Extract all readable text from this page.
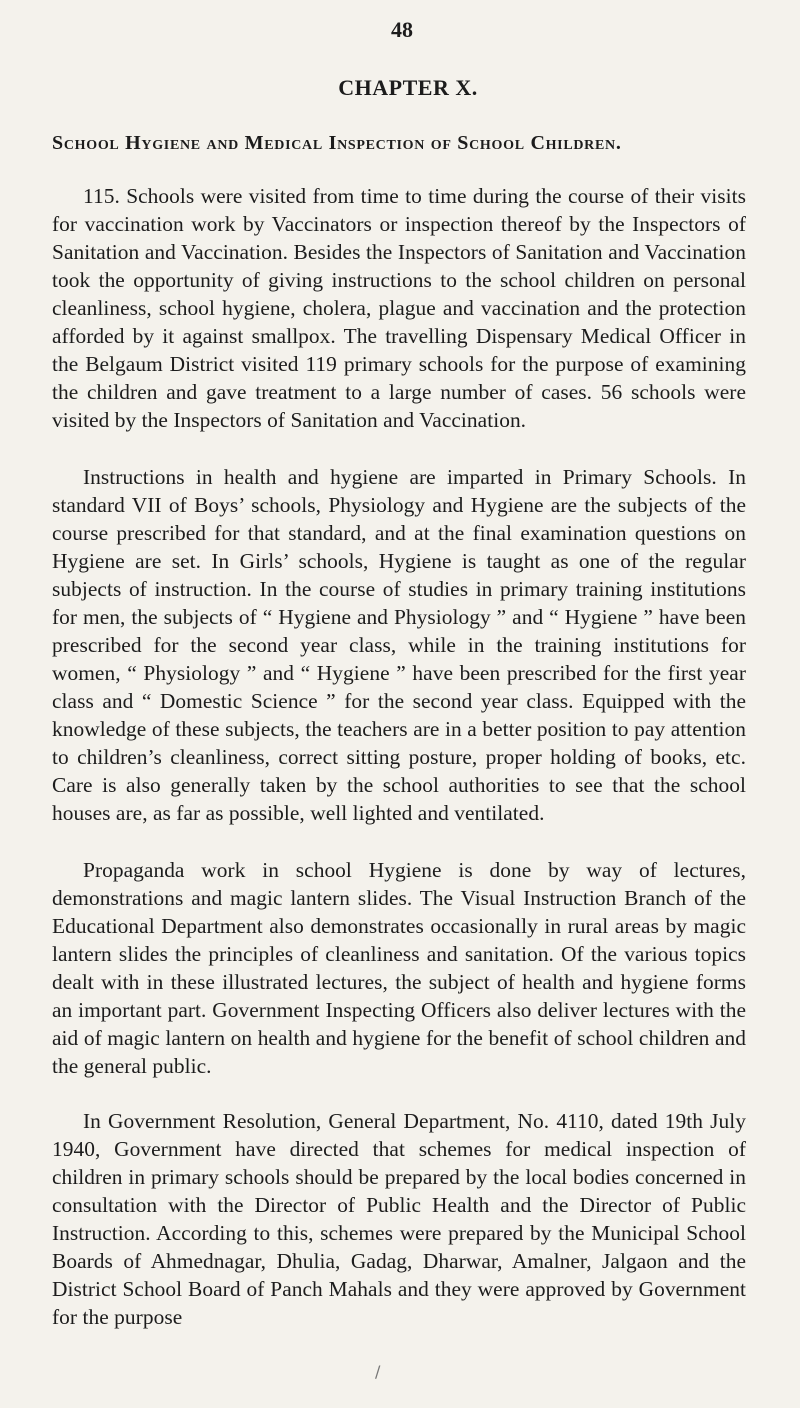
48

CHAPTER X.
School Hygiene and Medical Inspection of School Children.

115. Schools were visited from time to time during the course of their visits for vaccination work by Vaccinators or inspection thereof by the Inspectors of Sanitation and Vaccination. Besides the Inspectors of Sanitation and Vaccination took the opportunity of giving instructions to the school children on personal cleanliness, school hygiene, cholera, plague and vaccination and the protection afforded by it against smallpox. The travelling Dispensary Medical Officer in the Belgaum District visited 119 primary schools for the purpose of examining the children and gave treatment to a large number of cases. 56 schools were visited by the Inspectors of Sanitation and Vaccination.

Instructions in health and hygiene are imparted in Primary Schools. In standard VII of Boys’ schools, Physiology and Hygiene are the subjects of the course prescribed for that standard, and at the final examination questions on Hygiene are set. In Girls’ schools, Hygiene is taught as one of the regular subjects of instruction. In the course of studies in primary training institutions for men, the subjects of “ Hygiene and Physiology ” and “ Hygiene ” have been prescribed for the second year class, while in the training institutions for women, “ Physiology ” and “ Hygiene ” have been prescribed for the first year class and “ Domestic Science ” for the second year class. Equipped with the knowledge of these subjects, the teachers are in a better position to pay attention to children’s cleanliness, correct sitting posture, proper holding of books, etc. Care is also generally taken by the school authorities to see that the school houses are, as far as possible, well lighted and ventilated.

Propaganda work in school Hygiene is done by way of lectures, demonstrations and magic lantern slides. The Visual Instruction Branch of the Educational Department also demonstrates occasionally in rural areas by magic lantern slides the principles of cleanliness and sanitation. Of the various topics dealt with in these illustrated lectures, the subject of health and hygiene forms an important part. Government Inspecting Officers also deliver lectures with the aid of magic lantern on health and hygiene for the benefit of school children and the general public.

In Government Resolution, General Department, No. 4110, dated 19th July 1940, Government have directed that schemes for medical inspection of children in primary schools should be prepared by the local bodies concerned in consultation with the Director of Public Health and the Director of Public Instruction. According to this, schemes were prepared by the Municipal School Boards of Ahmednagar, Dhulia, Gadag, Dharwar, Amalner, Jalgaon and the District School Board of Panch Mahals and they were approved by Government for the purpose

/
